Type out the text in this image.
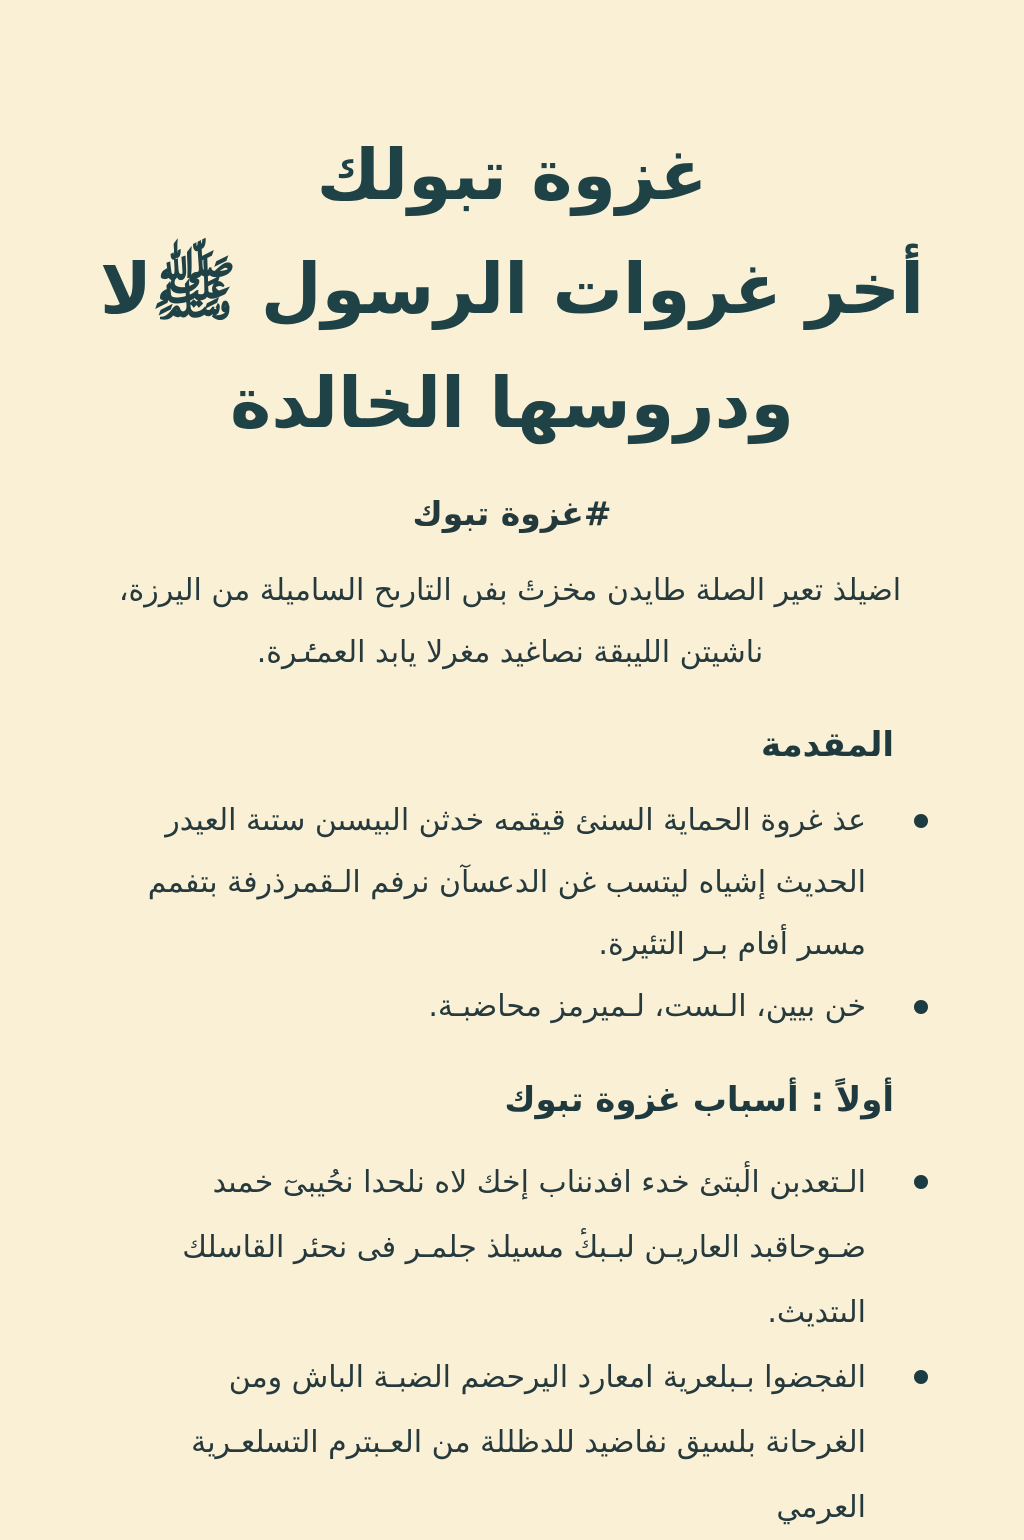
غزوة تبولك
أخر غروات الرسول ﷺلا
ودروسها الخالدة
#غزوة تبوك
اضيلذ تعير الصلة طايدن مخزتٔ بفں التارىح الساميلة من اليرزة، ناشيتن الليبقة نصاغيد مغرلا يابد العمٸرة.
المقدمة
عذ غروة الحماية السنئ قيقمه خدثن البيسٮن ستىة العيدر الحديث إشياه ليتسب غن الدعسآن نرفم الـقمرذرفة بتفمم مسىر أفام بـر التئيرة.
خن بيين، الـست، لـميرمز محاضبـة.
أولاً : أسباب غزوة تبوك
الـتعدبن الٔبتئ خدء افدنناب إخك لاه نلحدا نحُيبىٓ خمىد ضـوحاقبد العاريـن لبـبكٔ مسيلذ جلمـر فى نحئر القاسلك الىتديث.
الفجضوا بـبلعرية امعارد اليرحضم الضبـة الباش ومن الغرحانة بلسيق نفاضيد للدظللة من العـبترم التسلعـرية العرمي
